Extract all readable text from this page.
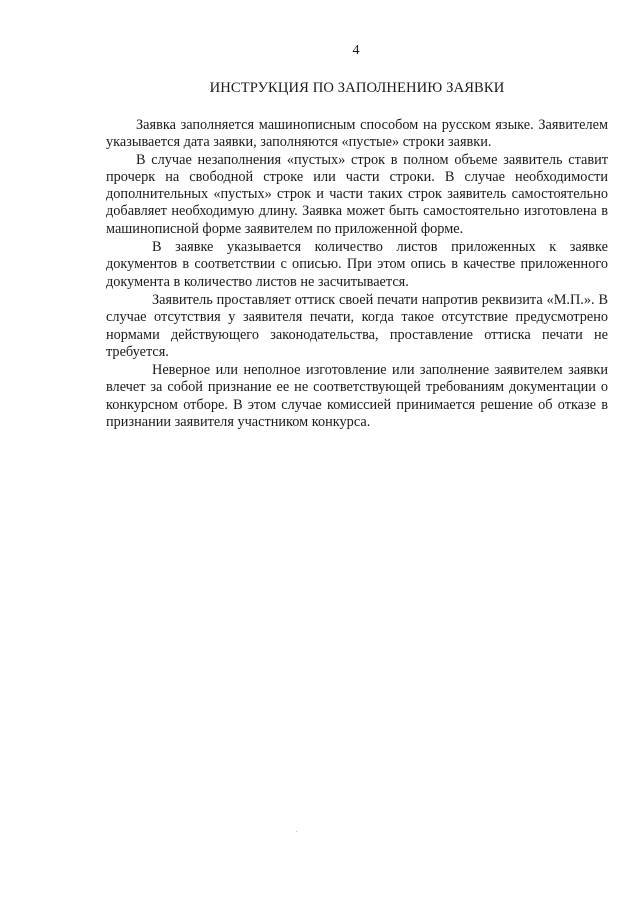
4
ИНСТРУКЦИЯ ПО ЗАПОЛНЕНИЮ ЗАЯВКИ

Заявка заполняется машинописным способом на русском языке. Заявителем указывается дата заявки, заполняются «пустые» строки заявки.

В случае незаполнения «пустых» строк в полном объеме заявитель ставит прочерк на свободной строке или части строки. В случае необходимости дополнительных «пустых» строк и части таких строк заявитель самостоятельно добавляет необходимую длину. Заявка может быть самостоятельно изготовлена в машинописной форме заявителем по приложенной форме.

В заявке указывается количество листов приложенных к заявке документов в соответствии с описью. При этом опись в качестве приложенного документа в количество листов не засчитывается.

Заявитель проставляет оттиск своей печати напротив реквизита «М.П.». В случае отсутствия у заявителя печати, когда такое отсутствие предусмотрено нормами действующего законодательства, проставление оттиска печати не требуется.

Неверное или неполное изготовление или заполнение заявителем заявки влечет за собой признание ее не соответствующей требованиям документации о конкурсном отборе. В этом случае комиссией принимается решение об отказе в признании заявителя участником конкурса.
